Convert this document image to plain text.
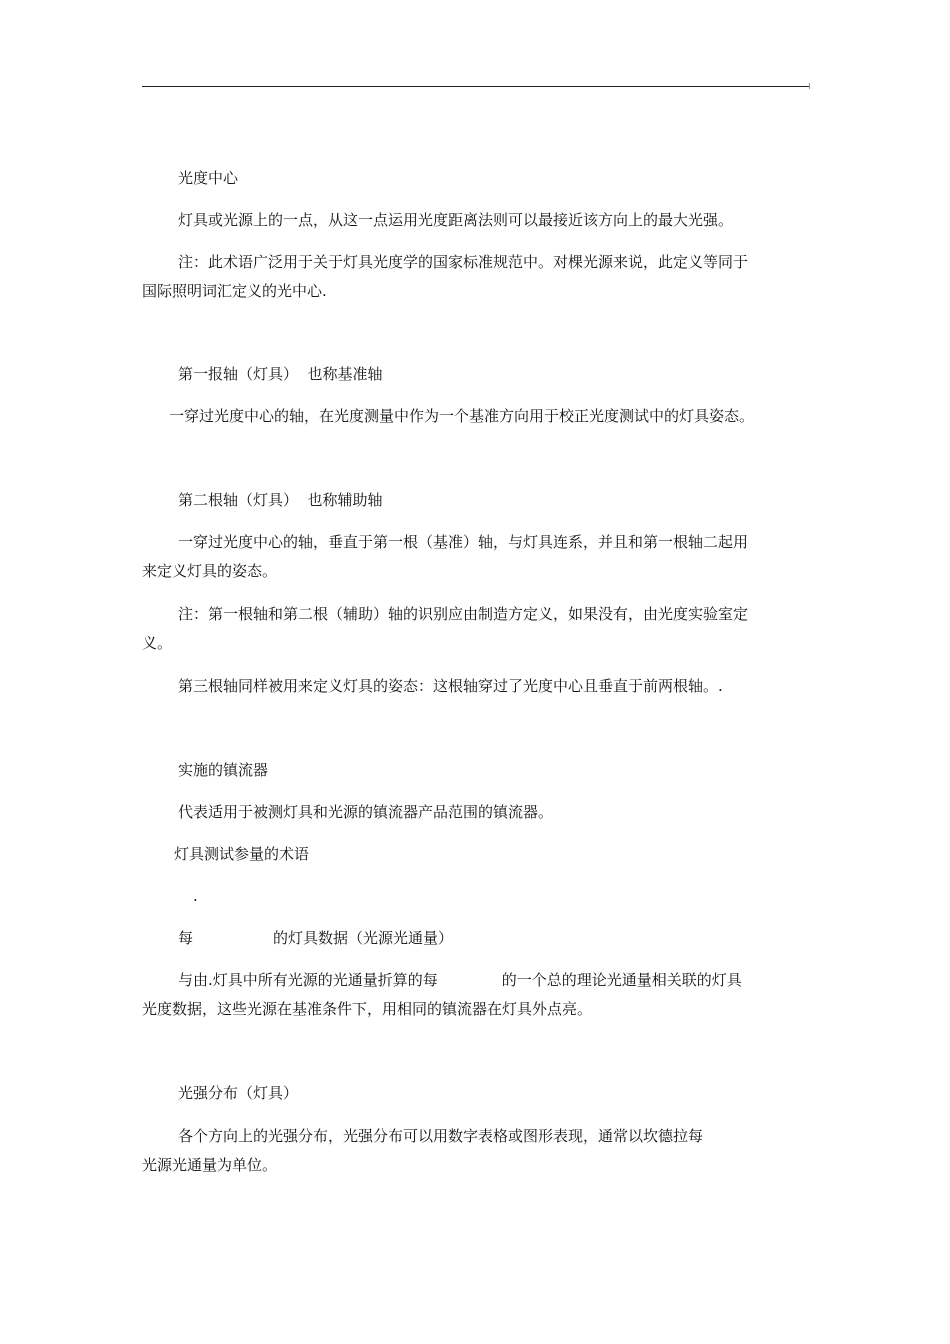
光度中心
灯具或光源上的一点，从这一点运用光度距离法则可以最接近该方向上的最大光强。
注：此术语广泛用于关于灯具光度学的国家标准规范中。对棵光源来说，此定义等同于
国际照明词汇定义的光中心.
第一报轴（灯具）  也称基准轴
一穿过光度中心的轴，在光度测量中作为一个基准方向用于校正光度测试中的灯具姿态。
第二根轴（灯具）  也称辅助轴
一穿过光度中心的轴，垂直于第一根（基准）轴，与灯具连系，并且和第一根轴二起用
来定义灯具的姿态。
注：第一根轴和第二根（辅助）轴的识别应由制造方定义，如果没有，由光度实验室定
义。
第三根轴同样被用来定义灯具的姿态：这根轴穿过了光度中心且垂直于前两根轴。.
实施的镇流器
代表适用于被测灯具和光源的镇流器产品范围的镇流器。
灯具测试参量的术语
.
每	的灯具数据（光源光通量）
与由.灯具中所有光源的光通量折算的每	的一个总的理论光通量相关联的灯具
光度数据，这些光源在基准条件下，用相同的镇流器在灯具外点亮。
光强分布（灯具）
各个方向上的光强分布，光强分布可以用数字表格或图形表现，通常以坎德拉每
光源光通量为单位。
